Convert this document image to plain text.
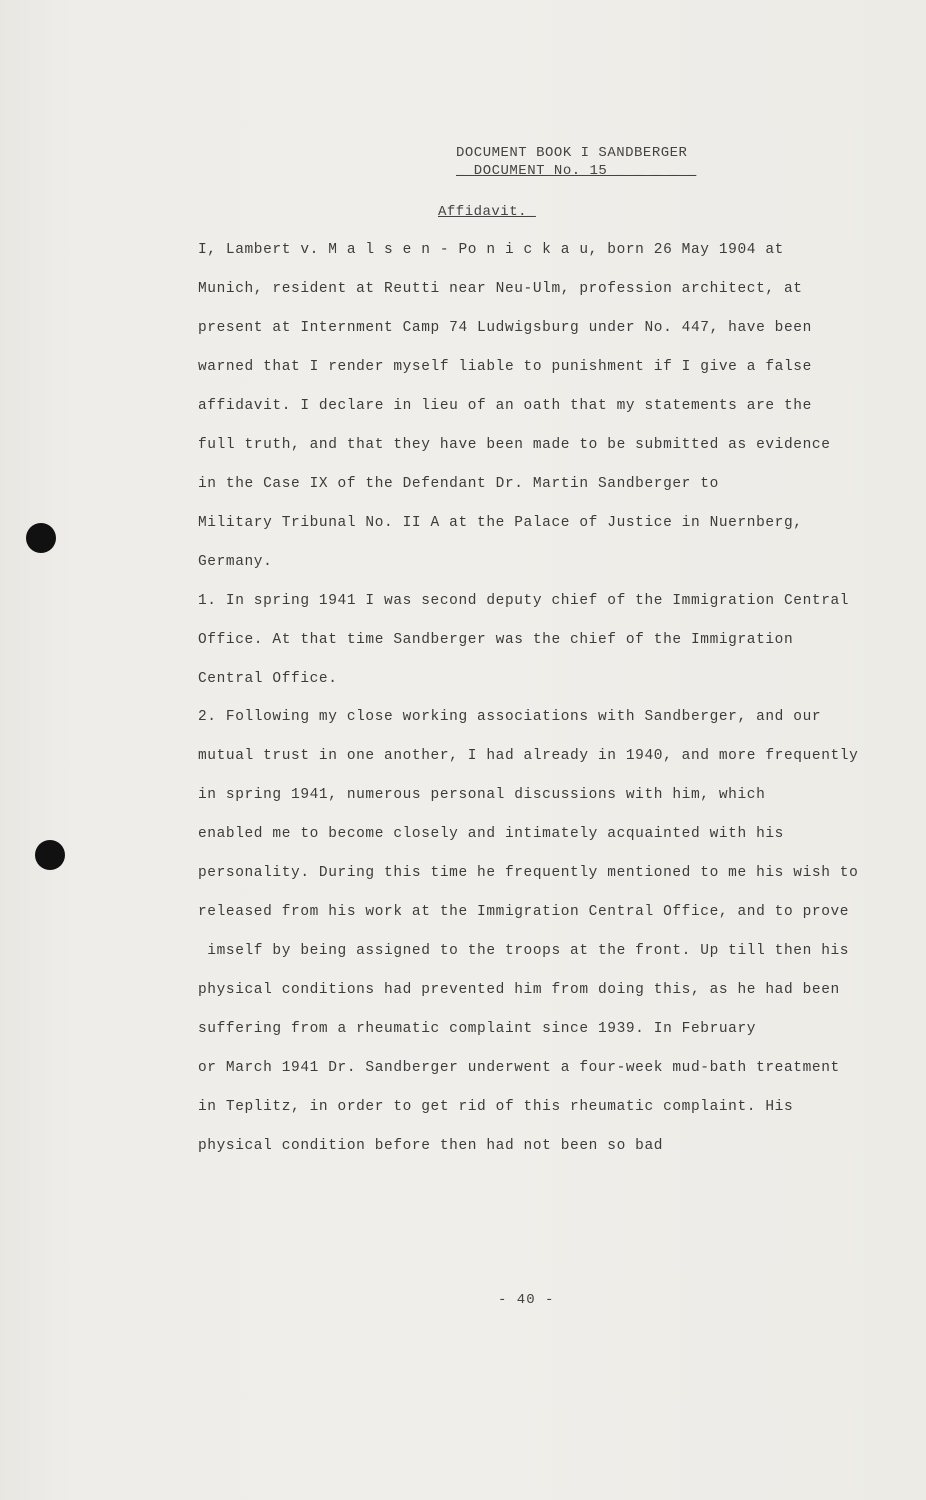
DOCUMENT BOOK I SANDBERGER
_ DOCUMENT No. 15 _ _ _ _ _
Affidavit._
I, Lambert v. M a l s e n - Po n i c k a u, born 26 May 1904 at
Munich, resident at Reutti near Neu-Ulm, profession architect, at
present at Internment Camp 74 Ludwigsburg under No. 447, have been
warned that I render myself liable to punishment if I give a false
affidavit. I declare in lieu of an oath that my statements are the
full truth, and that they have been made to be submitted as evidence
in the Case IX of the Defendant Dr. Martin Sandberger to
Military Tribunal No. II A at the Palace of Justice in Nuernberg,
Germany.
1. In spring 1941 I was second deputy chief of the Immigration Central
Office. At that time Sandberger was the chief of the Immigration
Central Office.
2. Following my close working associations with Sandberger, and our
mutual trust in one another, I had already in 1940, and more frequently
in spring 1941, numerous personal discussions with him, which
enabled me to become closely and intimately acquainted with his
personality. During this time he frequently mentioned to me his wish to
released from his work at the Immigration Central Office, and to prove
imself by being assigned to the troops at the front. Up till then his
physical conditions had prevented him from doing this, as he had been
suffering from a rheumatic complaint since 1939. In February
or March 1941 Dr. Sandberger underwent a four-week mud-bath treatment
in Teplitz, in order to get rid of this rheumatic complaint. His
physical condition before then had not been so bad
- 40 -
